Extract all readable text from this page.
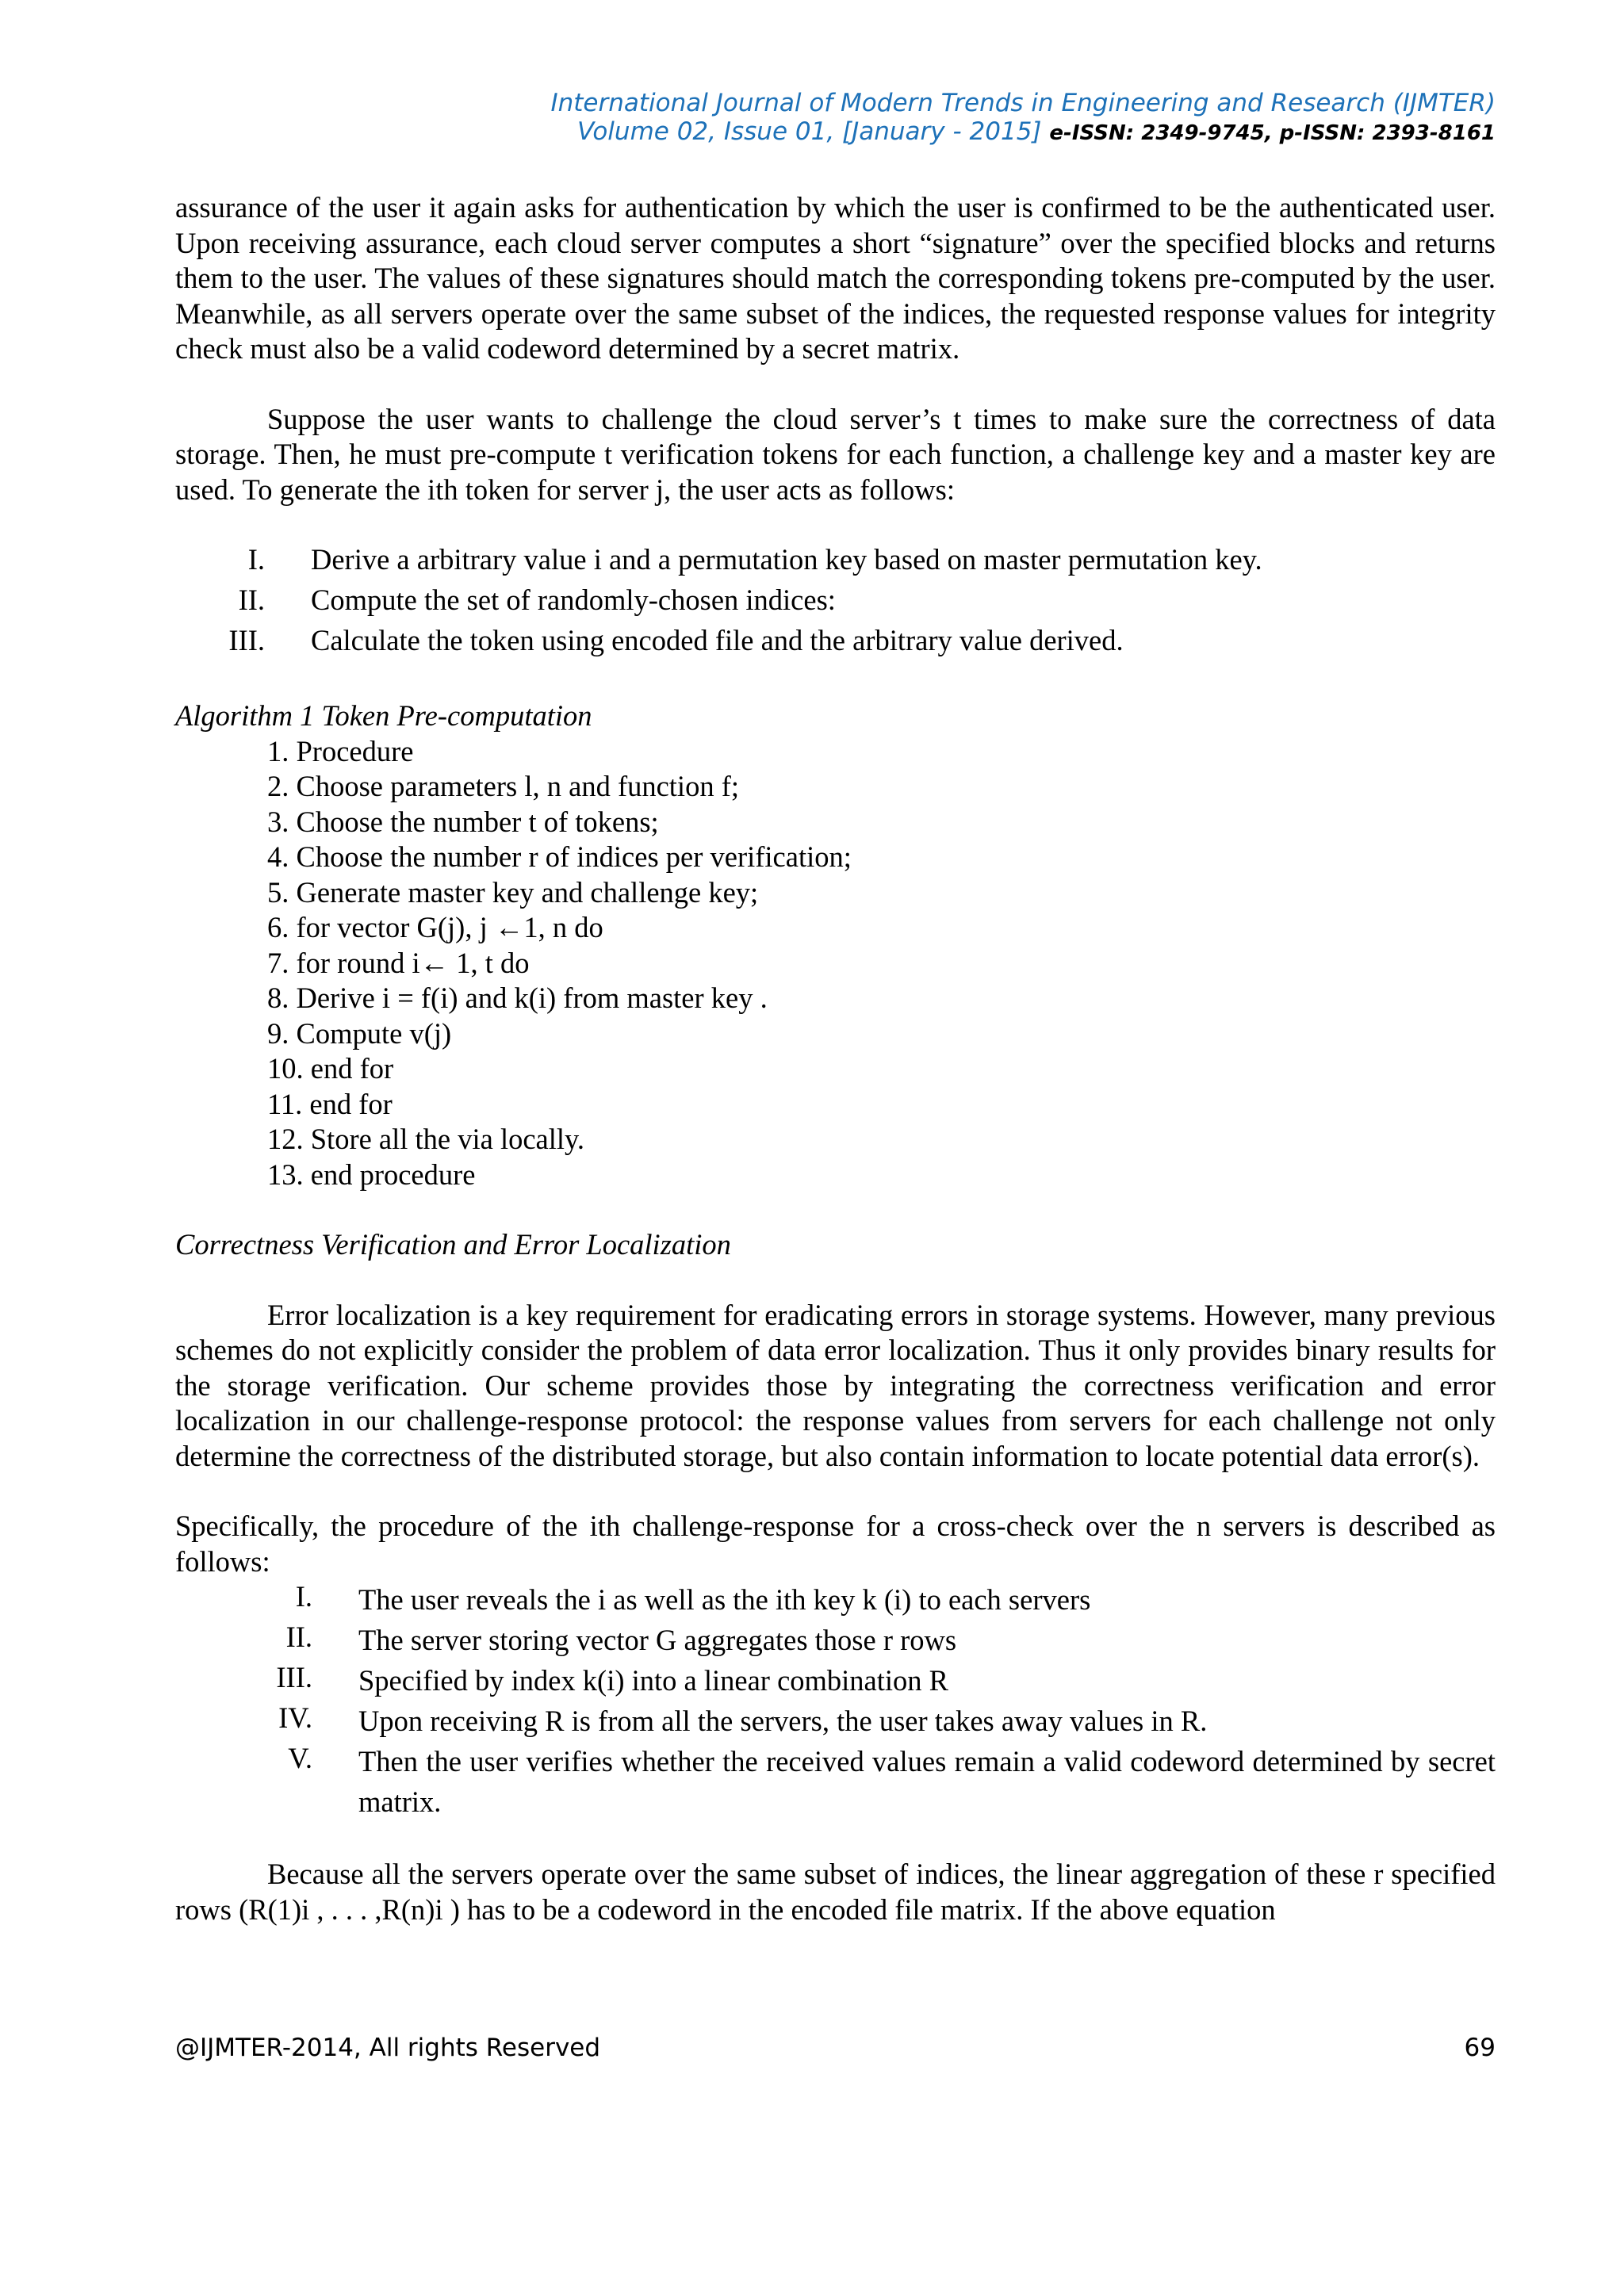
International Journal of Modern Trends in Engineering and Research (IJMTER)
Volume 02, Issue 01, [January - 2015] e-ISSN: 2349-9745, p-ISSN: 2393-8161

assurance of the user it again asks for authentication by which the user is confirmed to be the authenticated user. Upon receiving assurance, each cloud server computes a short “signature” over the specified blocks and returns them to the user. The values of these signatures should match the corresponding tokens pre-computed by the user. Meanwhile, as all servers operate over the same subset of the indices, the requested response values for integrity check must also be a valid codeword determined by a secret matrix.

Suppose the user wants to challenge the cloud server’s t times to make sure the correctness of data storage. Then, he must pre-compute t verification tokens for each function, a challenge key and a master key are used. To generate the ith token for server j, the user acts as follows:

I. Derive a arbitrary value i and a permutation key based on master permutation key.
II. Compute the set of randomly-chosen indices:
III. Calculate the token using encoded file and the arbitrary value derived.

Algorithm 1 Token Pre-computation

1. Procedure
2. Choose parameters l, n and function f;
3. Choose the number t of tokens;
4. Choose the number r of indices per verification;
5. Generate master key and challenge key;
6. for vector G(j), j ←1, n do
7. for round i← 1, t do
8. Derive i = f(i) and k(i) from master key .
9. Compute v(j)
10. end for
11. end for
12. Store all the via locally.
13. end procedure

Correctness Verification and Error Localization

Error localization is a key requirement for eradicating errors in storage systems. However, many previous schemes do not explicitly consider the problem of data error localization. Thus it only provides binary results for the storage verification. Our scheme provides those by integrating the correctness verification and error localization in our challenge-response protocol: the response values from servers for each challenge not only determine the correctness of the distributed storage, but also contain information to locate potential data error(s).

Specifically, the procedure of the ith challenge-response for a cross-check over the n servers is described as follows:

I. The user reveals the i as well as the ith key k (i) to each servers
II. The server storing vector G aggregates those r rows
III. Specified by index k(i) into a linear combination R
IV. Upon receiving R is from all the servers, the user takes away values in R.
V. Then the user verifies whether the received values remain a valid codeword determined by secret matrix.

Because all the servers operate over the same subset of indices, the linear aggregation of these r specified rows (R(1)i , . . . ,R(n)i ) has to be a codeword in the encoded file matrix. If the above equation

@IJMTER-2014, All rights Reserved	69
